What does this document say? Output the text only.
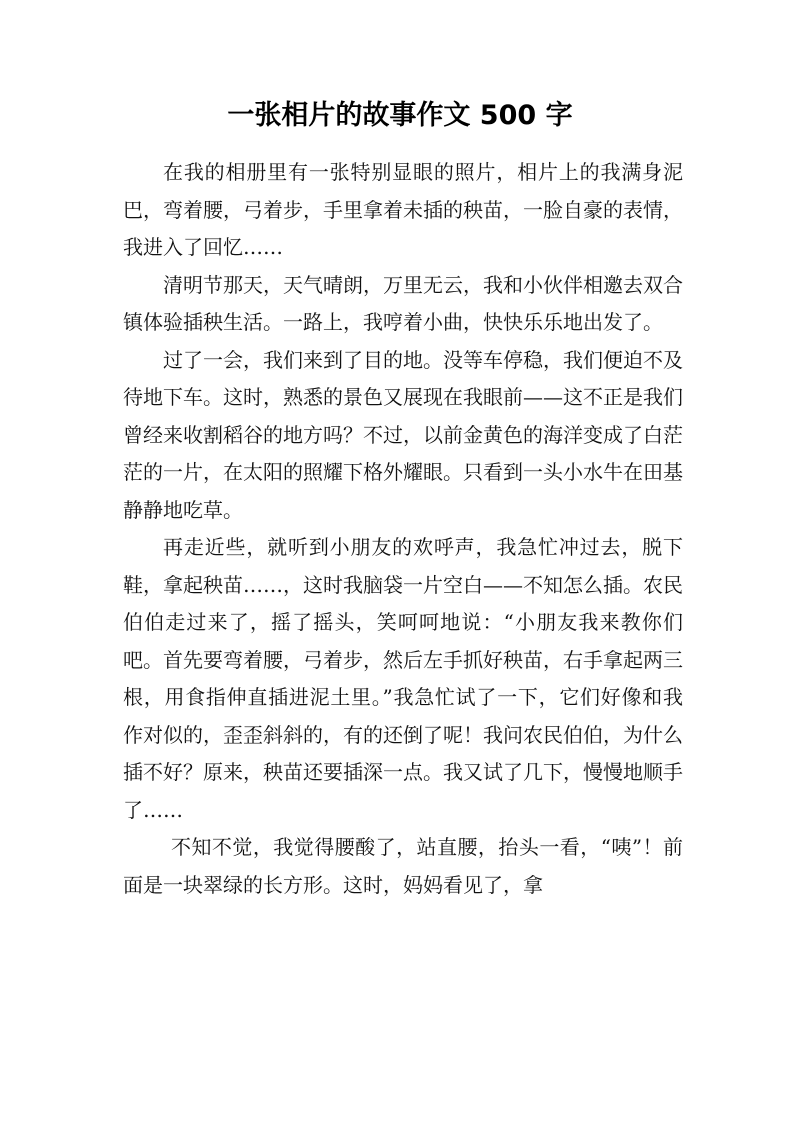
一张相片的故事作文 500 字

在我的相册里有一张特别显眼的照片，相片上的我满身泥巴，弯着腰，弓着步，手里拿着未插的秧苗，一脸自豪的表情，我进入了回忆……

清明节那天，天气晴朗，万里无云，我和小伙伴相邀去双合镇体验插秧生活。一路上，我哼着小曲，快快乐乐地出发了。

过了一会，我们来到了目的地。没等车停稳，我们便迫不及待地下车。这时，熟悉的景色又展现在我眼前——这不正是我们曾经来收割稻谷的地方吗？不过，以前金黄色的海洋变成了白茫茫的一片，在太阳的照耀下格外耀眼。只看到一头小水牛在田基静静地吃草。

再走近些，就听到小朋友的欢呼声，我急忙冲过去，脱下鞋，拿起秧苗……，这时我脑袋一片空白——不知怎么插。农民伯伯走过来了，摇了摇头，笑呵呵地说：“小朋友我来教你们吧。首先要弯着腰，弓着步，然后左手抓好秧苗，右手拿起两三根，用食指伸直插进泥土里。”我急忙试了一下，它们好像和我作对似的，歪歪斜斜的，有的还倒了呢！我问农民伯伯，为什么插不好？原来，秧苗还要插深一点。我又试了几下，慢慢地顺手了……

不知不觉，我觉得腰酸了，站直腰，抬头一看，“咦”！前面是一块翠绿的长方形。这时，妈妈看见了，拿
